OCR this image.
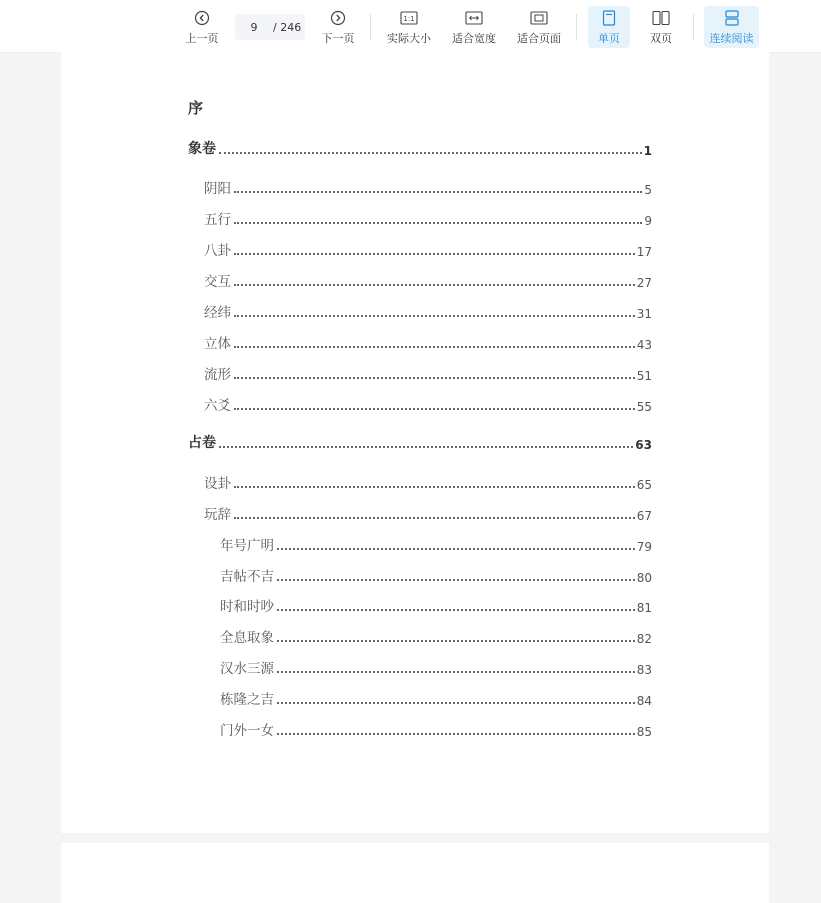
上一页
9	/ 246
下一页
1:1
实际大小 适合宽度 适合页面	单页	双页	连续阅读
序
象卷	1
阴阳	5
五行	9
八卦	17
交互	27
经纬	31
立体	43
流形	51
六爻	55
占卷	63
设卦	65
玩辞	67
年号广明	79
吉帖不吉	80
时和时吵	81
全息取象	82
汉水三源	83
栋隆之吉	84
门外一女	85
